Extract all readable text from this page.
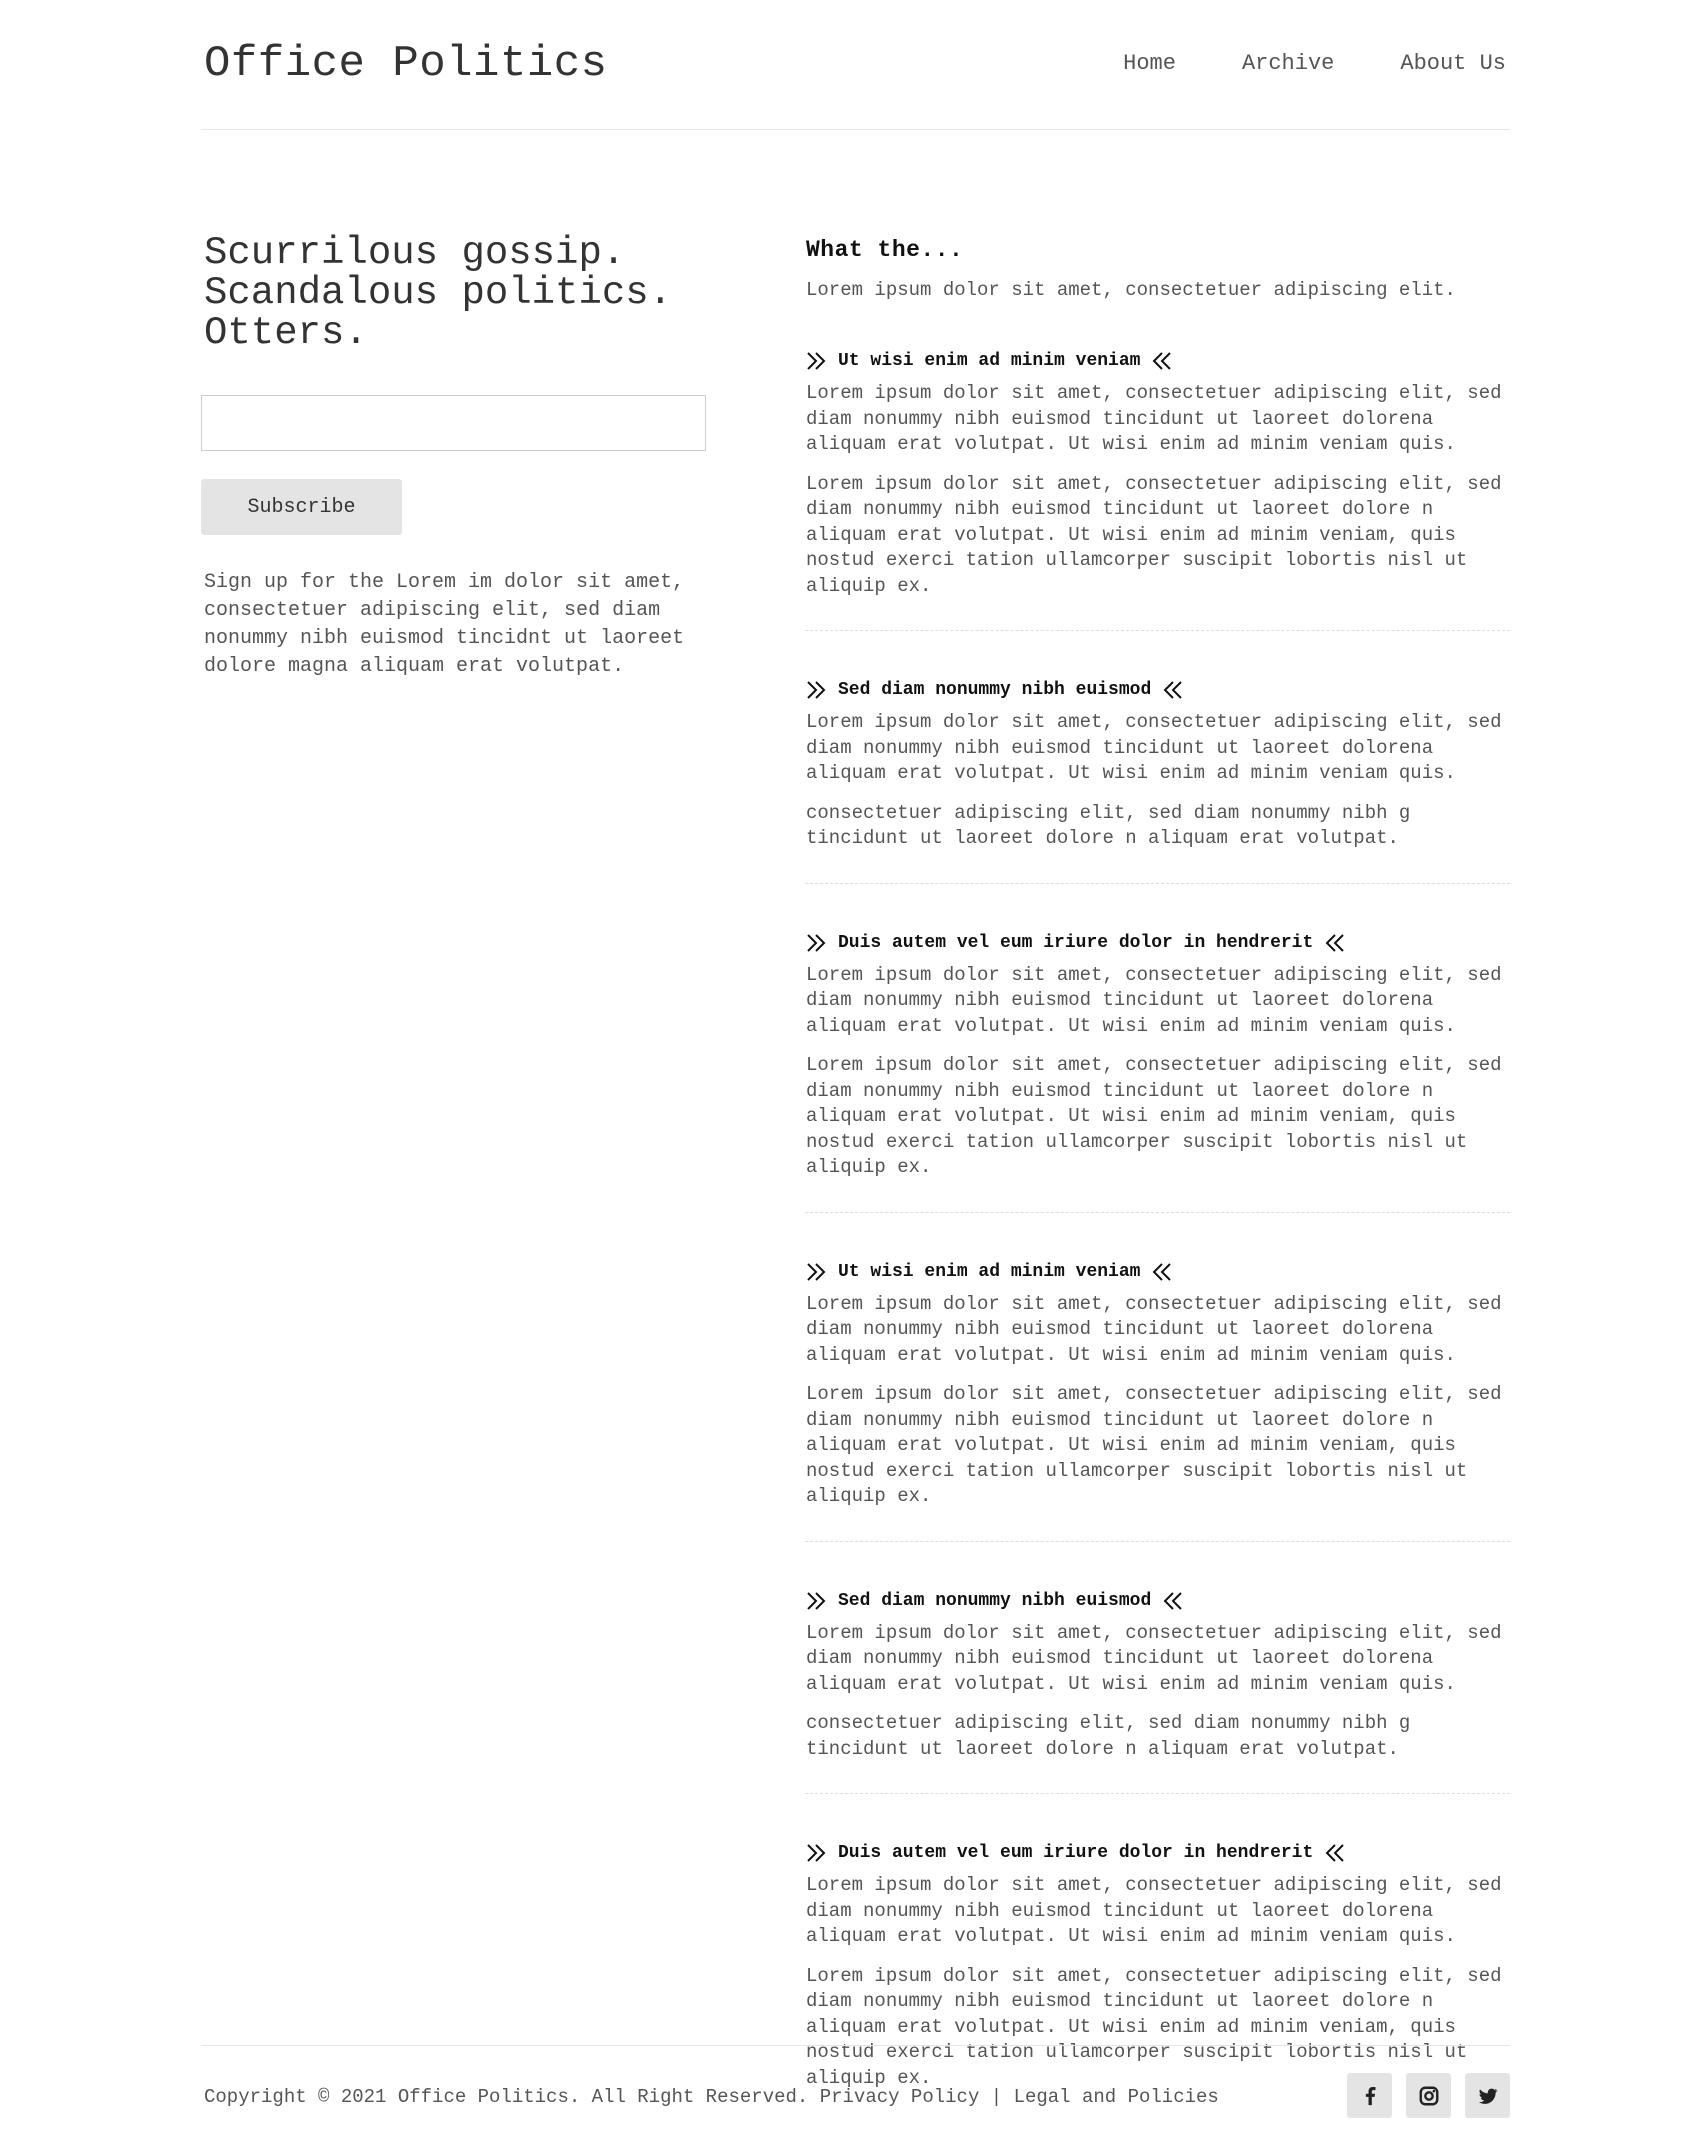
Office Politics	Home	Archive	About Us
Scurrilous gossip.
Scandalous politics.
Otters.
Subscribe

Sign up for the Lorem im dolor sit amet, consectetuer adipiscing elit, sed diam nonummy nibh euismod tincidnt ut laoreet dolore magna aliquam erat volutpat.

What the...

Lorem ipsum dolor sit amet, consectetuer adipiscing elit.

Ut wisi enim ad minim veniam

Lorem ipsum dolor sit amet, consectetuer adipiscing elit, sed diam nonummy nibh euismod tincidunt ut laoreet dolorena aliquam erat volutpat. Ut wisi enim ad minim veniam quis.

Lorem ipsum dolor sit amet, consectetuer adipiscing elit, sed diam nonummy nibh euismod tincidunt ut laoreet dolore n aliquam erat volutpat. Ut wisi enim ad minim veniam, quis nostud exerci tation ullamcorper suscipit lobortis nisl ut aliquip ex.

Sed diam nonummy nibh euismod

Lorem ipsum dolor sit amet, consectetuer adipiscing elit, sed diam nonummy nibh euismod tincidunt ut laoreet dolorena aliquam erat volutpat. Ut wisi enim ad minim veniam quis.

consectetuer adipiscing elit, sed diam nonummy nibh g tincidunt ut laoreet dolore n aliquam erat volutpat.

Duis autem vel eum iriure dolor in hendrerit

Lorem ipsum dolor sit amet, consectetuer adipiscing elit, sed diam nonummy nibh euismod tincidunt ut laoreet dolorena aliquam erat volutpat. Ut wisi enim ad minim veniam quis.

Lorem ipsum dolor sit amet, consectetuer adipiscing elit, sed diam nonummy nibh euismod tincidunt ut laoreet dolore n aliquam erat volutpat. Ut wisi enim ad minim veniam, quis nostud exerci tation ullamcorper suscipit lobortis nisl ut aliquip ex.

Ut wisi enim ad minim veniam

Lorem ipsum dolor sit amet, consectetuer adipiscing elit, sed diam nonummy nibh euismod tincidunt ut laoreet dolorena aliquam erat volutpat. Ut wisi enim ad minim veniam quis.

Lorem ipsum dolor sit amet, consectetuer adipiscing elit, sed diam nonummy nibh euismod tincidunt ut laoreet dolore n aliquam erat volutpat. Ut wisi enim ad minim veniam, quis nostud exerci tation ullamcorper suscipit lobortis nisl ut aliquip ex.

Sed diam nonummy nibh euismod

Lorem ipsum dolor sit amet, consectetuer adipiscing elit, sed diam nonummy nibh euismod tincidunt ut laoreet dolorena aliquam erat volutpat. Ut wisi enim ad minim veniam quis.

consectetuer adipiscing elit, sed diam nonummy nibh g tincidunt ut laoreet dolore n aliquam erat volutpat.

Duis autem vel eum iriure dolor in hendrerit

Lorem ipsum dolor sit amet, consectetuer adipiscing elit, sed diam nonummy nibh euismod tincidunt ut laoreet dolorena aliquam erat volutpat. Ut wisi enim ad minim veniam quis.

Lorem ipsum dolor sit amet, consectetuer adipiscing elit, sed diam nonummy nibh euismod tincidunt ut laoreet dolore n aliquam erat volutpat. Ut wisi enim ad minim veniam, quis nostud exerci tation ullamcorper suscipit lobortis nisl ut aliquip ex.

Copyright © 2021 Office Politics. All Right Reserved. Privacy Policy | Legal and Policies
